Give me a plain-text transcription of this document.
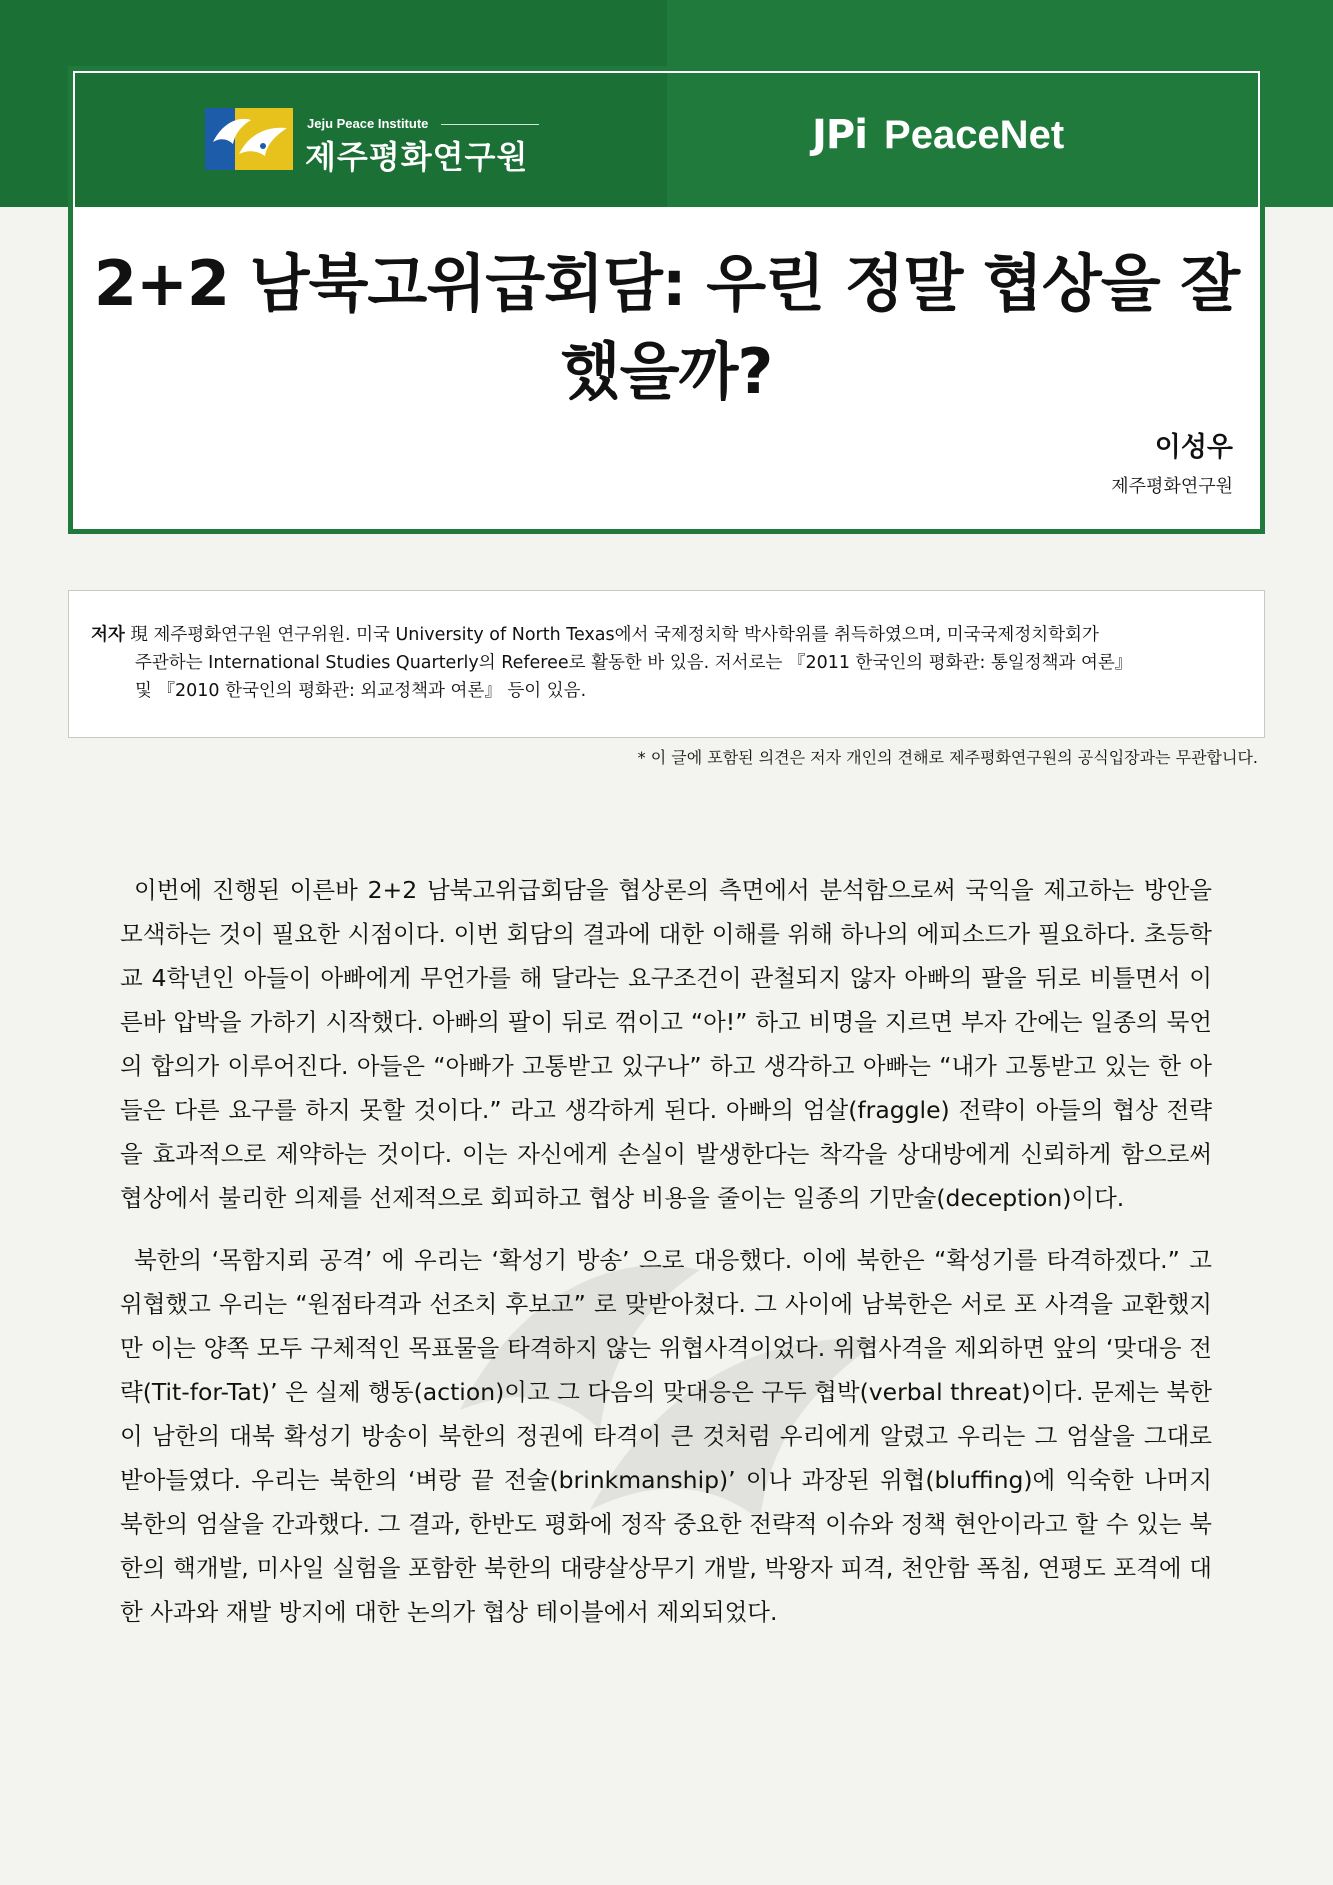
Jeju Peace Institute
제주평화연구원	JPi PeaceNet
2+2 남북고위급회담: 우린 정말 협상을 잘했을까?
이성우
제주평화연구원
저자 現 제주평화연구원 연구위원. 미국 University of North Texas에서 국제정치학 박사학위를 취득하였으며, 미국국제정치학회가
주관하는 International Studies Quarterly의 Referee로 활동한 바 있음. 저서로는 『2011 한국인의 평화관: 통일정책과 여론』
및 『2010 한국인의 평화관: 외교정책과 여론』 등이 있음.
* 이 글에 포함된 의견은 저자 개인의 견해로 제주평화연구원의 공식입장과는 무관합니다.

이번에 진행된 이른바 2+2 남북고위급회담을 협상론의 측면에서 분석함으로써 국익을 제고하는 방안을 모색하는 것이 필요한 시점이다. 이번 회담의 결과에 대한 이해를 위해 하나의 에피소드가 필요하다. 초등학교 4학년인 아들이 아빠에게 무언가를 해 달라는 요구조건이 관철되지 않자 아빠의 팔을 뒤로 비틀면서 이른바 압박을 가하기 시작했다. 아빠의 팔이 뒤로 꺾이고 “아!” 하고 비명을 지르면 부자 간에는 일종의 묵언의 합의가 이루어진다. 아들은 “아빠가 고통받고 있구나” 하고 생각하고 아빠는 “내가 고통받고 있는 한 아들은 다른 요구를 하지 못할 것이다.” 라고 생각하게 된다. 아빠의 엄살(fraggle) 전략이 아들의 협상 전략을 효과적으로 제약하는 것이다. 이는 자신에게 손실이 발생한다는 착각을 상대방에게 신뢰하게 함으로써 협상에서 불리한 의제를 선제적으로 회피하고 협상 비용을 줄이는 일종의 기만술(deception)이다.

북한의 ‘목함지뢰 공격’ 에 우리는 ‘확성기 방송’ 으로 대응했다. 이에 북한은 “확성기를 타격하겠다.” 고 위협했고 우리는 “원점타격과 선조치 후보고” 로 맞받아쳤다. 그 사이에 남북한은 서로 포 사격을 교환했지만 이는 양쪽 모두 구체적인 목표물을 타격하지 않는 위협사격이었다. 위협사격을 제외하면 앞의 ‘맞대응 전략(Tit-for-Tat)’ 은 실제 행동(action)이고 그 다음의 맞대응은 구두 협박(verbal threat)이다. 문제는 북한이 남한의 대북 확성기 방송이 북한의 정권에 타격이 큰 것처럼 우리에게 알렸고 우리는 그 엄살을 그대로 받아들였다. 우리는 북한의 ‘벼랑 끝 전술(brinkmanship)’ 이나 과장된 위협(bluffing)에 익숙한 나머지 북한의 엄살을 간과했다. 그 결과, 한반도 평화에 정작 중요한 전략적 이슈와 정책 현안이라고 할 수 있는 북한의 핵개발, 미사일 실험을 포함한 북한의 대량살상무기 개발, 박왕자 피격, 천안함 폭침, 연평도 포격에 대한 사과와 재발 방지에 대한 논의가 협상 테이블에서 제외되었다.
